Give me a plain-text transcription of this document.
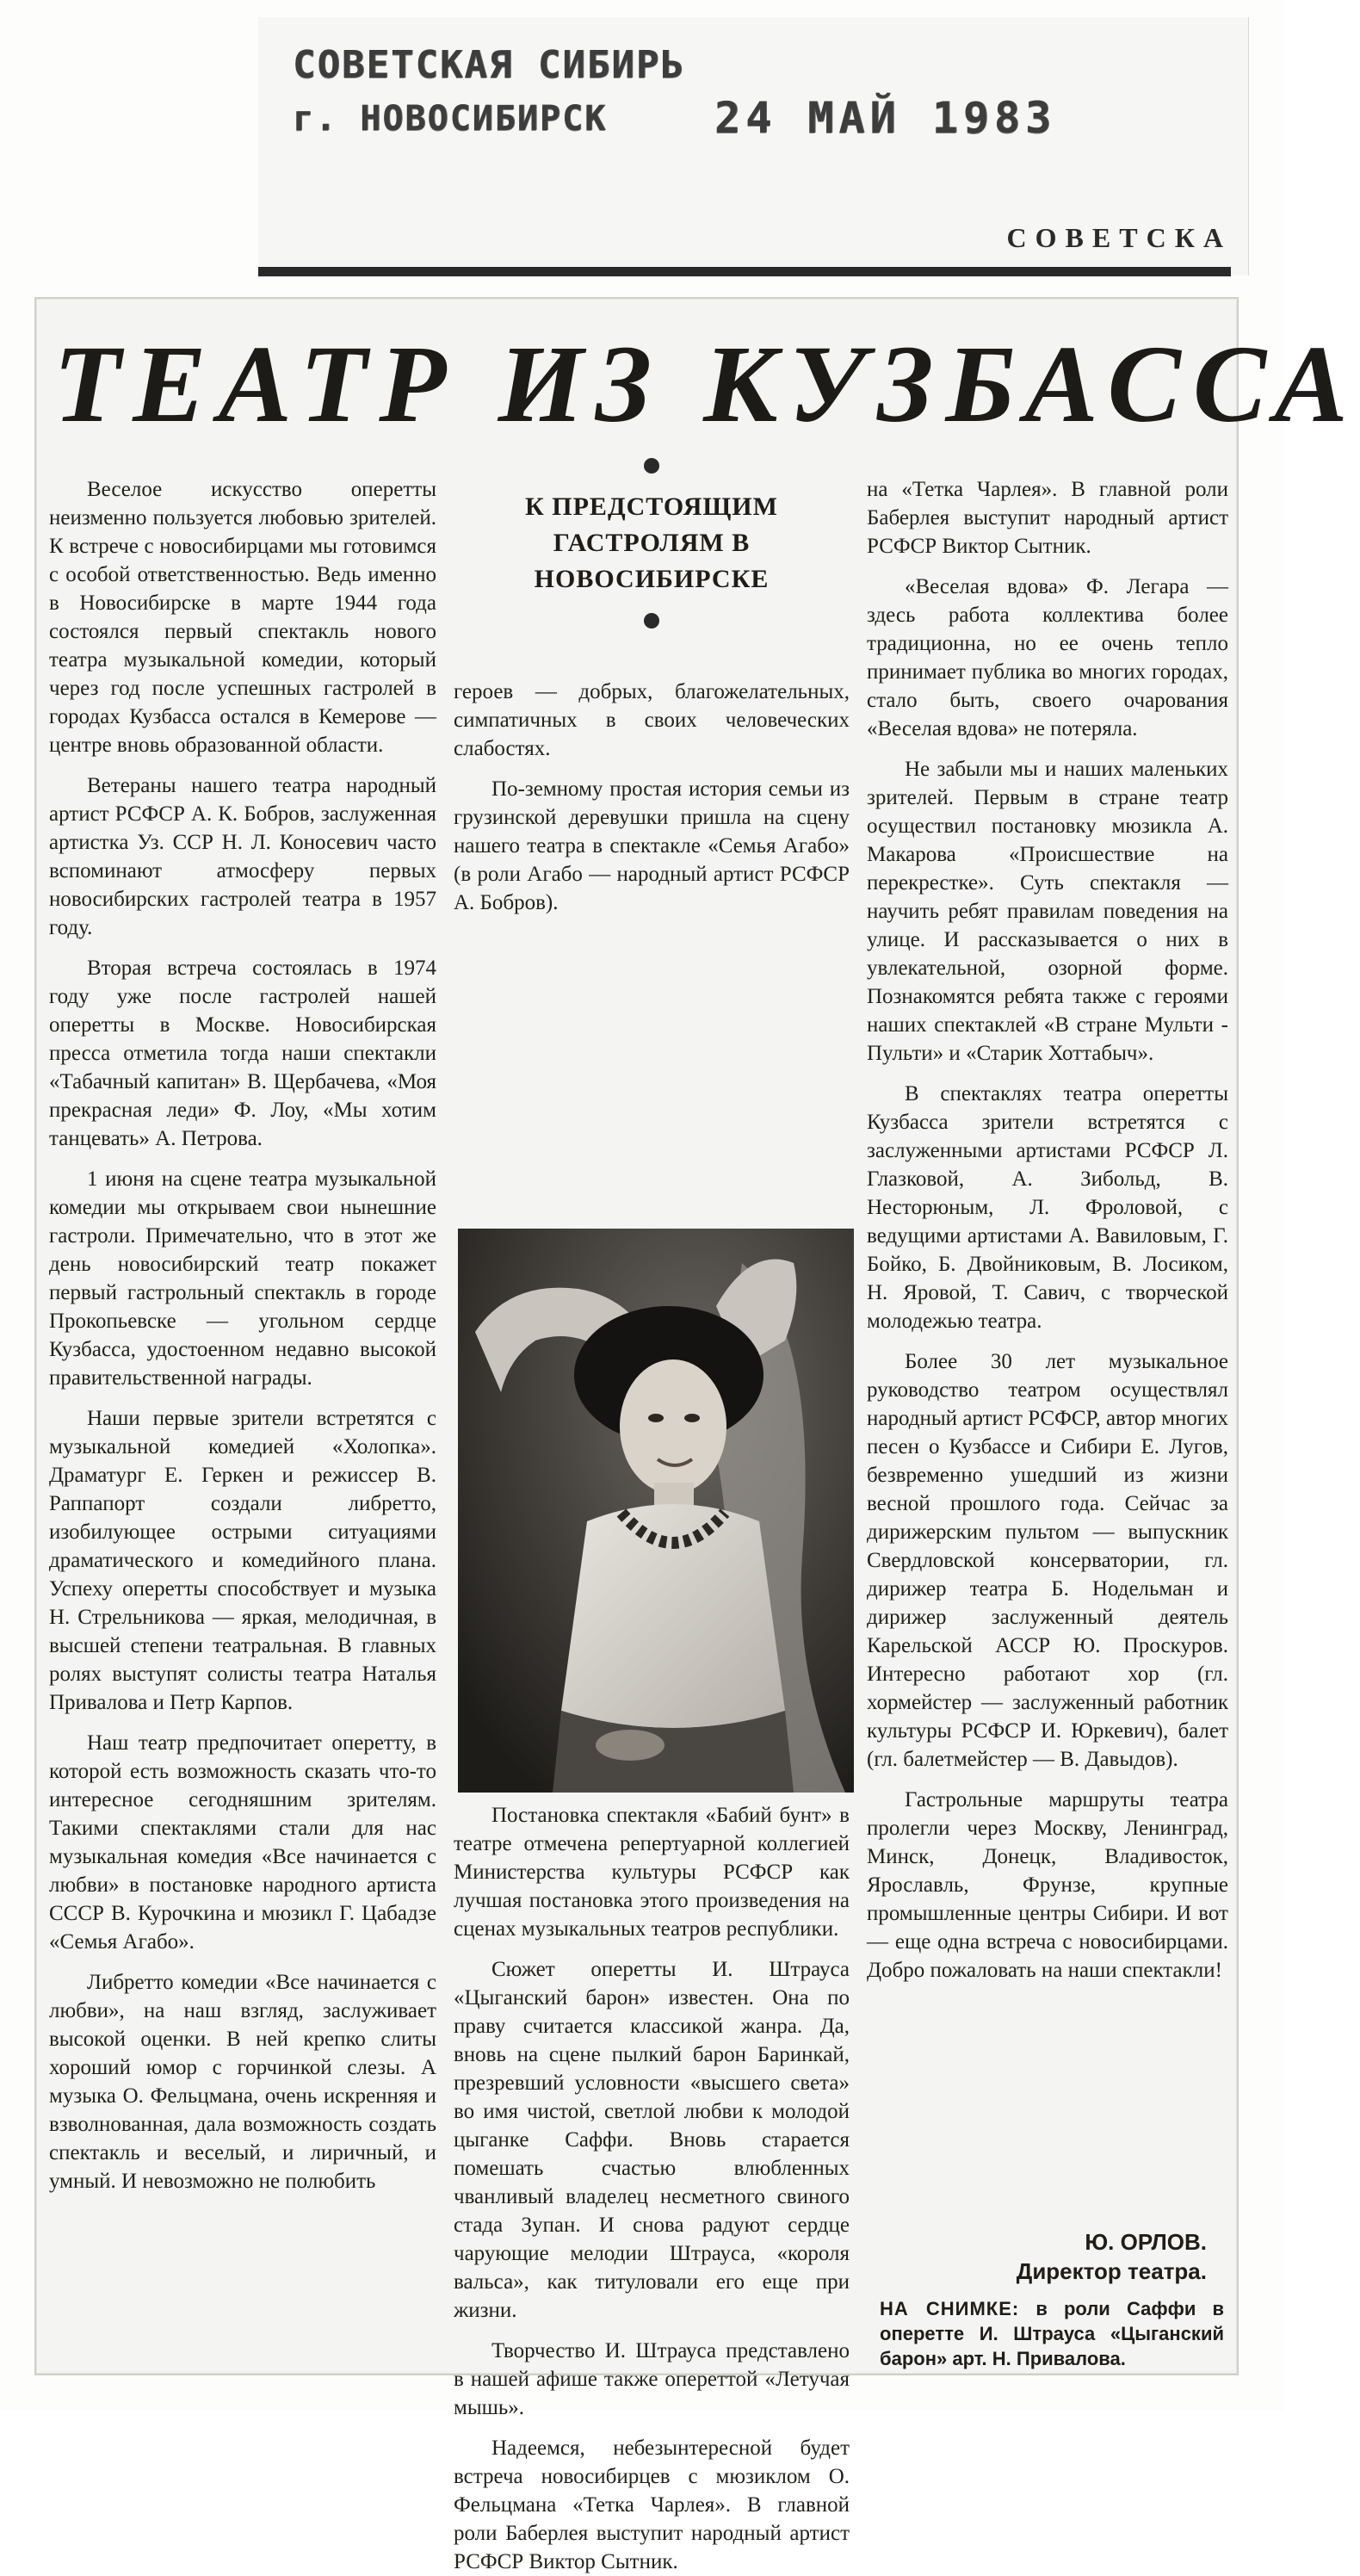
СОВЕТСКАЯ СИБИРЬ
г. НОВОСИБИРСК 24 МАЙ 1983
СОВЕТСКА
ТЕАТР ИЗ КУЗБАССА

Веселое искусство оперетты неизменно пользуется любовью зрителей. К встрече с новосибирцами мы готовимся с особой ответственностью. Ведь именно в Новосибирске в марте 1944 года состоялся первый спектакль нового театра музыкальной комедии, который через год после успешных гастролей в городах Кузбасса остался в Кемерове — центре вновь образованной области.

Ветераны нашего театра народный артист РСФСР А. К. Бобров, заслуженная артистка Уз. ССР Н. Л. Коносевич часто вспоминают атмосферу первых новосибирских гастролей театра в 1957 году.

Вторая встреча состоялась в 1974 году уже после гастролей нашей оперетты в Москве. Новосибирская пресса отметила тогда наши спектакли «Табачный капитан» В. Щербачева, «Моя прекрасная леди» Ф. Лоу, «Мы хотим танцевать» А. Петрова.

1 июня на сцене театра музыкальной комедии мы открываем свои нынешние гастроли. Примечательно, что в этот же день новосибирский театр покажет первый гастрольный спектакль в городе Прокопьевске — угольном сердце Кузбасса, удостоенном недавно высокой правительственной награды.

Наши первые зрители встретятся с музыкальной комедией «Холопка». Драматург Е. Геркен и режиссер В. Раппапорт создали либретто, изобилующее острыми ситуациями драматического и комедийного плана. Успеху оперетты способствует и музыка Н. Стрельникова — яркая, мелодичная, в высшей степени театральная. В главных ролях выступят солисты театра Наталья Привалова и Петр Карпов.

Наш театр предпочитает оперетту, в которой есть возможность сказать что-то интересное сегодняшним зрителям. Такими спектаклями стали для нас музыкальная комедия «Все начинается с любви» в постановке народного артиста СССР В. Курочкина и мюзикл Г. Цабадзе «Семья Агабо».

Либретто комедии «Все начинается с любви», на наш взгляд, заслуживает высокой оценки. В ней крепко слиты хороший юмор с горчинкой слезы. А музыка О. Фельцмана, очень искренняя и взволнованная, дала возможность создать спектакль и веселый, и лиричный, и умный. И невозможно не полюбить

К ПРЕДСТОЯЩИМ ГАСТРОЛЯМ В НОВОСИБИРСКЕ

героев — добрых, благожелательных, симпатичных в своих человеческих слабостях.

По-земному простая история семьи из грузинской деревушки пришла на сцену нашего театра в спектакле «Семья Агабо» (в роли Агабо — народный артист РСФСР А. Бобров).

Постановка спектакля «Бабий бунт» в театре отмечена репертуарной коллегией Министерства культуры РСФСР как лучшая постановка этого произведения на сценах музыкальных театров республики.

Сюжет оперетты И. Штрауса «Цыганский барон» известен. Она по праву считается классикой жанра. Да, вновь на сцене пылкий барон Баринкай, презревший условности «высшего света» во имя чистой, светлой любви к молодой цыганке Саффи. Вновь старается помешать счастью влюбленных чванливый владелец несметного свиного стада Зупан. И снова радуют сердце чарующие мелодии Штрауса, «короля вальса», как титуловали его еще при жизни.

Творчество И. Штрауса представлено в нашей афише также опереттой «Летучая мышь».

Надеемся, небезынтересной будет встреча новосибирцев с мюзиклом О. Фельцмана «Тетка Чарлея». В главной роли Баберлея выступит народный артист РСФСР Виктор Сытник.

на «Тетка Чарлея». В главной роли Баберлея выступит народный артист РСФСР Виктор Сытник.

«Веселая вдова» Ф. Легара — здесь работа коллектива более традиционна, но ее очень тепло принимает публика во многих городах, стало быть, своего очарования «Веселая вдова» не потеряла.

Не забыли мы и наших маленьких зрителей. Первым в стране театр осуществил постановку мюзикла А. Макарова «Происшествие на перекрестке». Суть спектакля — научить ребят правилам поведения на улице. И рассказывается о них в увлекательной, озорной форме. Познакомятся ребята также с героями наших спектаклей «В стране Мульти - Пульти» и «Старик Хоттабыч».

В спектаклях театра оперетты Кузбасса зрители встретятся с заслуженными артистами РСФСР Л. Глазковой, А. Зибольд, В. Несторюным, Л. Фроловой, с ведущими артистами А. Вавиловым, Г. Бойко, Б. Двойниковым, В. Лосиком, Н. Яровой, Т. Савич, с творческой молодежью театра.

Более 30 лет музыкальное руководство театром осуществлял народный артист РСФСР, автор многих песен о Кузбассе и Сибири Е. Лугов, безвременно ушедший из жизни весной прошлого года. Сейчас за дирижерским пультом — выпускник Свердловской консерватории, гл. дирижер театра Б. Нодельман и дирижер заслуженный деятель Карельской АССР Ю. Проскуров. Интересно работают хор (гл. хормейстер — заслуженный работник культуры РСФСР И. Юркевич), балет (гл. балетмейстер — В. Давыдов).

Гастрольные маршруты театра пролегли через Москву, Ленинград, Минск, Донецк, Владивосток, Ярославль, Фрунзе, крупные промышленные центры Сибири. И вот — еще одна встреча с новосибирцами. Добро пожаловать на наши спектакли!

Ю. ОРЛОВ.
Директор театра.
НА СНИМКЕ: в роли Саффи в оперетте И. Штрауса «Цыганский барон» арт. Н. Привалова.
